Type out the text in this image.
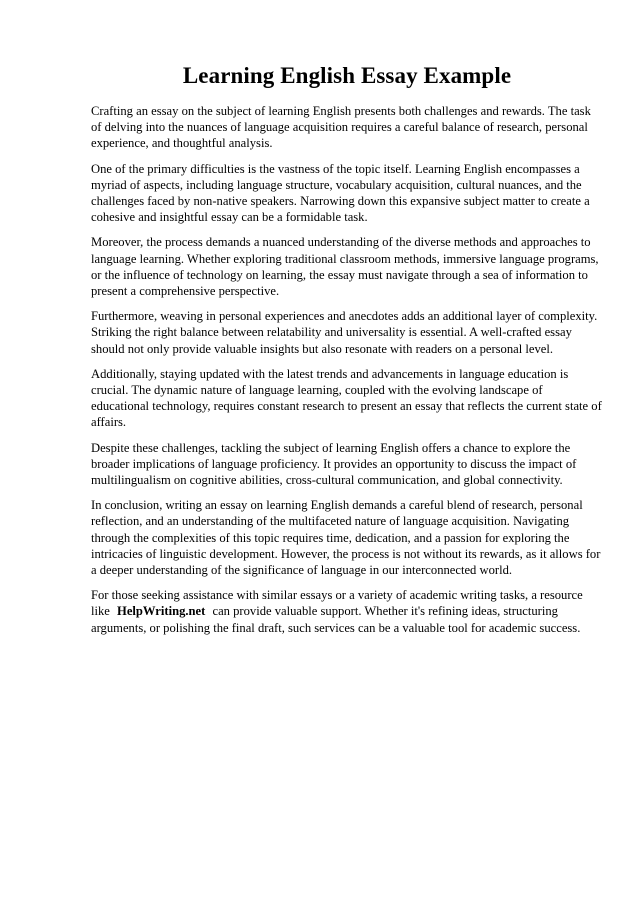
Learning English Essay Example

Crafting an essay on the subject of learning English presents both challenges and rewards. The task of delving into the nuances of language acquisition requires a careful balance of research, personal experience, and thoughtful analysis.

One of the primary difficulties is the vastness of the topic itself. Learning English encompasses a myriad of aspects, including language structure, vocabulary acquisition, cultural nuances, and the challenges faced by non-native speakers. Narrowing down this expansive subject matter to create a cohesive and insightful essay can be a formidable task.

Moreover, the process demands a nuanced understanding of the diverse methods and approaches to language learning. Whether exploring traditional classroom methods, immersive language programs, or the influence of technology on learning, the essay must navigate through a sea of information to present a comprehensive perspective.

Furthermore, weaving in personal experiences and anecdotes adds an additional layer of complexity. Striking the right balance between relatability and universality is essential. A well-crafted essay should not only provide valuable insights but also resonate with readers on a personal level.

Additionally, staying updated with the latest trends and advancements in language education is crucial. The dynamic nature of language learning, coupled with the evolving landscape of educational technology, requires constant research to present an essay that reflects the current state of affairs.

Despite these challenges, tackling the subject of learning English offers a chance to explore the broader implications of language proficiency. It provides an opportunity to discuss the impact of multilingualism on cognitive abilities, cross-cultural communication, and global connectivity.

In conclusion, writing an essay on learning English demands a careful blend of research, personal reflection, and an understanding of the multifaceted nature of language acquisition. Navigating through the complexities of this topic requires time, dedication, and a passion for exploring the intricacies of linguistic development. However, the process is not without its rewards, as it allows for a deeper understanding of the significance of language in our interconnected world.

For those seeking assistance with similar essays or a variety of academic writing tasks, a resource like HelpWriting.net can provide valuable support. Whether it's refining ideas, structuring arguments, or polishing the final draft, such services can be a valuable tool for academic success.
